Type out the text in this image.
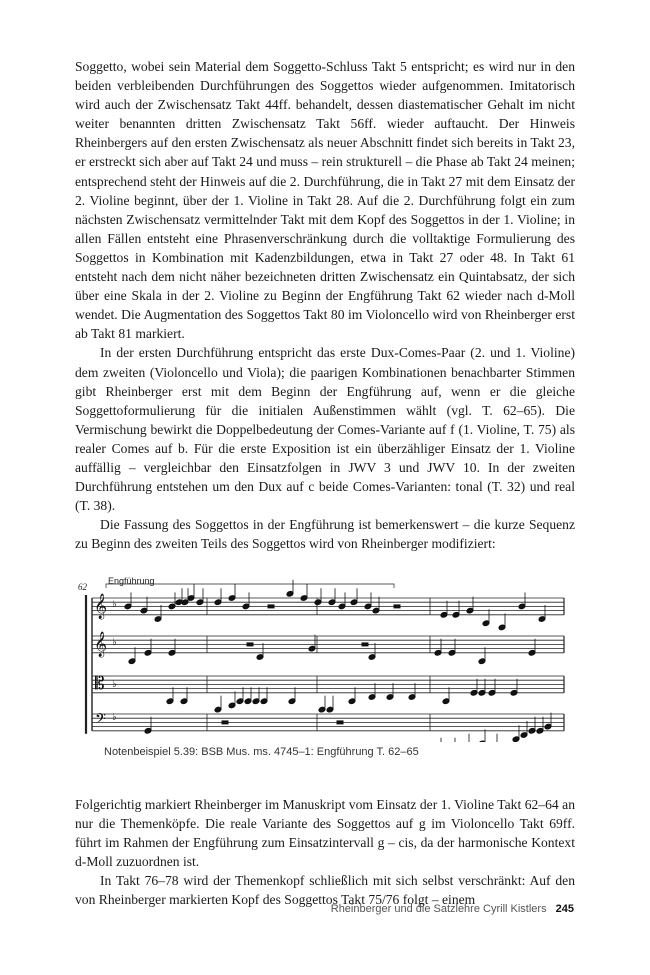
Soggetto, wobei sein Material dem Soggetto-Schluss Takt 5 entspricht; es wird nur in den beiden verbleibenden Durchführungen des Soggettos wieder aufgenommen. Imitatorisch wird auch der Zwischensatz Takt 44ff. behandelt, dessen diastematischer Gehalt im nicht weiter benannten dritten Zwischensatz Takt 56ff. wieder auftaucht. Der Hinweis Rheinbergers auf den ersten Zwischensatz als neuer Abschnitt findet sich bereits in Takt 23, er erstreckt sich aber auf Takt 24 und muss – rein strukturell – die Phase ab Takt 24 meinen; entsprechend steht der Hinweis auf die 2. Durchführung, die in Takt 27 mit dem Einsatz der 2. Violine beginnt, über der 1. Violine in Takt 28. Auf die 2. Durchführung folgt ein zum nächsten Zwischensatz vermittelnder Takt mit dem Kopf des Soggettos in der 1. Violine; in allen Fällen entsteht eine Phrasenverschränkung durch die volltaktige Formulierung des Soggettos in Kombination mit Kadenzbildungen, etwa in Takt 27 oder 48. In Takt 61 entsteht nach dem nicht näher bezeichneten dritten Zwischensatz ein Quintabsatz, der sich über eine Skala in der 2. Violine zu Beginn der Engführung Takt 62 wieder nach d-Moll wendet. Die Augmentation des Soggettos Takt 80 im Violoncello wird von Rheinberger erst ab Takt 81 markiert.

In der ersten Durchführung entspricht das erste Dux-Comes-Paar (2. und 1. Violine) dem zweiten (Violoncello und Viola); die paarigen Kombinationen benachbarter Stimmen gibt Rheinberger erst mit dem Beginn der Engführung auf, wenn er die gleiche Soggettoformulierung für die initialen Außenstimmen wählt (vgl. T. 62–65). Die Vermischung bewirkt die Doppelbedeutung der Comes-Variante auf f (1. Violine, T. 75) als realer Comes auf b. Für die erste Exposition ist ein überzähliger Einsatz der 1. Violine auffällig – vergleichbar den Einsatzfolgen in JWV 3 und JWV 10. In der zweiten Durchführung entstehen um den Dux auf c beide Comes-Varianten: tonal (T. 32) und real (T. 38).

Die Fassung des Soggettos in der Engführung ist bemerkenswert – die kurze Sequenz zu Beginn des zweiten Teils des Soggettos wird von Rheinberger modifiziert:

𝄞
𝄞
𝄡
𝄢
♭
♭
♭
♭
62
Engführung
Notenbeispiel 5.39: BSB Mus. ms. 4745–1: Engführung T. 62–65

Folgerichtig markiert Rheinberger im Manuskript vom Einsatz der 1. Violine Takt 62–64 an nur die Themenköpfe. Die reale Variante des Soggettos auf g im Violoncello Takt 69ff. führt im Rahmen der Engführung zum Einsatzintervall g – cis, da der harmonische Kontext d-Moll zuzuordnen ist.

In Takt 76–78 wird der Themenkopf schließlich mit sich selbst verschränkt: Auf den von Rheinberger markierten Kopf des Soggettos Takt 75/76 folgt – einem

Rheinberger und die Satzlehre Cyrill Kistlers 245
